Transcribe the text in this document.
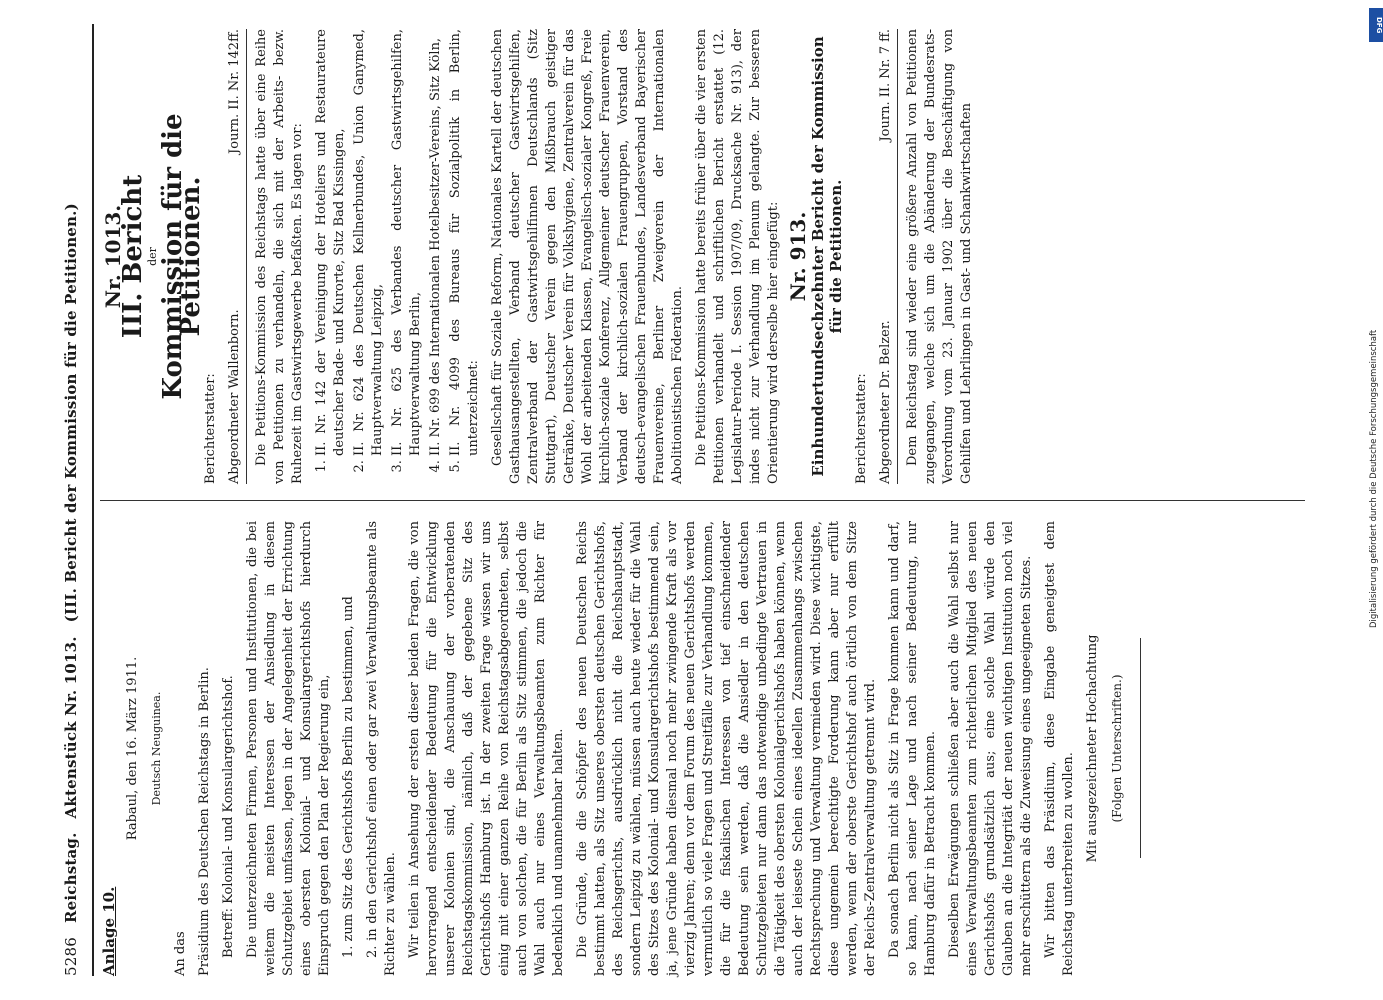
5286
Reichstag.
Aktenstück Nr. 1013.
(III. Bericht der Kommission für die Petitionen.)

Anlage 10.

Rabaul, den 16. März 1911. Deutsch Neuguinea.

An das Präsidium des Deutschen Reichstags in Berlin. Betreff: Kolonial- und Konsulargerichtshof. Die unterzeichneten Firmen, Personen und Institutionen, die bei weitem die meisten Interessen der Ansiedlung in diesem Schutzgebiet umfassen, legen in der Angelegenheit der Errichtung eines obersten Kolonial- und Konsulargerichtshofs hierdurch Einspruch gegen den Plan der Regierung ein, 1. zum Sitz des Gerichtshofs Berlin zu bestimmen, und 2. in den Gerichtshof einen oder gar zwei Verwaltungsbeamte als Richter zu wählen. Wir teilen in Ansehung der ersten dieser beiden Fragen, die von hervorragend entscheidender Bedeutung für die Entwicklung unserer Kolonien sind, die Anschauung der vorberatenden Reichstagskommission, nämlich, daß der gegebene Sitz des Gerichtshofs Hamburg ist. In der zweiten Frage wissen wir uns einig mit einer ganzen Reihe von Reichstagsabgeordneten, selbst auch von solchen, die für Berlin als Sitz stimmen, die jedoch die Wahl auch nur eines Verwaltungsbeamten zum Richter für bedenklich und unannehmbar halten. Die Gründe, die die Schöpfer des neuen Deutschen Reichs bestimmt hatten, als Sitz unseres obersten deutschen Gerichtshofs, des Reichsgerichts, ausdrücklich nicht die Reichshauptstadt, sondern Leipzig zu wählen, müssen auch heute wieder für die Wahl des Sitzes des Kolonial- und Konsulargerichtshofs bestimmend sein, ja, jene Gründe haben diesmal noch mehr zwingende Kraft als vor vierzig Jahren; denn vor dem Forum des neuen Gerichtshofs werden vermutlich so viele Fragen und Streitfälle zur Verhandlung kommen, die für die fiskalischen Interessen von tief einschneidender Bedeutung sein werden, daß die Ansiedler in den deutschen Schutzgebieten nur dann das notwendige unbedingte Vertrauen in die Tätigkeit des obersten Kolonialgerichtshofs haben können, wenn auch der leiseste Schein eines ideellen Zusammenhangs zwischen Rechtsprechung und Verwaltung vermieden wird. Diese wichtigste, diese ungemein berechtigte Forderung kann aber nur erfüllt werden, wenn der oberste Gerichtshof auch örtlich von dem Sitze der Reichs-Zentralverwaltung getrennt wird. Da sonach Berlin nicht als Sitz in Frage kommen kann und darf, so kann, nach seiner Lage und nach seiner Bedeutung, nur Hamburg dafür in Betracht kommen. Dieselben Erwägungen schließen aber auch die Wahl selbst nur eines Verwaltungsbeamten zum richterlichen Mitglied des neuen Gerichtshofs grundsätzlich aus; eine solche Wahl würde den Glauben an die Integrität der neuen wichtigen Institution noch viel mehr erschüttern als die Zuweisung eines ungeeigneten Sitzes. Wir bitten das Präsidium, diese Eingabe geneigtest dem Reichstag unterbreiten zu wollen.

Mit ausgezeichneter Hochachtung (Folgen Unterschriften.)
Nr. 1013.
III. Bericht
der Kommission für die Petitionen.

Berichterstatter: Abgeordneter Wallenborn.
Journ. II. Nr. 142ff. Die Petitions-Kommission des Reichstags hatte über eine Reihe von Petitionen zu verhandeln, die sich mit der Arbeits- bezw. Ruhezeit im Gastwirtsgewerbe befaßten. Es lagen vor: 1. II. Nr. 142 der Vereinigung der Hoteliers und Restaurateure deutscher Bade- und Kurorte, Sitz Bad Kissingen, 2. II. Nr. 624 des Deutschen Kellnerbundes, Union Ganymed, Hauptverwaltung Leipzig, 3. II. Nr. 625 des Verbandes deutscher Gastwirtsgehilfen, Hauptverwaltung Berlin, 4. II. Nr. 699 des Internationalen Hotelbesitzer-Vereins, Sitz Köln, 5. II. Nr. 4099 des Bureaus für Sozialpolitik in Berlin, unterzeichnet: Gesellschaft für Soziale Reform, Nationales Kartell der deutschen Gasthausangestellten, Verband deutscher Gastwirtsgehilfen, Zentralverband der Gastwirtsgehilfinnen Deutschlands (Sitz Stuttgart), Deutscher Verein gegen den Mißbrauch geistiger Getränke, Deutscher Verein für Volkshygiene, Zentralverein für das Wohl der arbeitenden Klassen, Evangelisch-sozialer Kongreß, Freie kirchlich-soziale Konferenz, Allgemeiner deutscher Frauenverein, Verband der kirchlich-sozialen Frauengruppen, Vorstand des deutsch-evangelischen Frauenbundes, Landesverband Bayerischer Frauenvereine, Berliner Zweigverein der Internationalen Abolitionistischen Föderation. Die Petitions-Kommission hatte bereits früher über die vier ersten Petitionen verhandelt und schriftlichen Bericht erstattet (12. Legislatur-Periode I. Session 1907/09, Drucksache Nr. 913), der indes nicht zur Verhandlung im Plenum gelangte. Zur besseren Orientierung wird derselbe hier eingefügt: Nr. 913. Einhundertundsechzehnter Bericht der Kommission für die Petitionen.

Berichterstatter: Abgeordneter Dr. Belzer.
Journ. II. Nr. 7 ff. Dem Reichstag sind wieder eine größere Anzahl von Petitionen zugegangen, welche sich um die Abänderung der Bundesrats-Verordnung vom 23. Januar 1902 über die Beschäftigung von Gehilfen und Lehrlingen in Gast- und Schankwirtschaften	Digitalisierung gefördert durch die Deutsche Forschungsgemeinschaft
DFG
